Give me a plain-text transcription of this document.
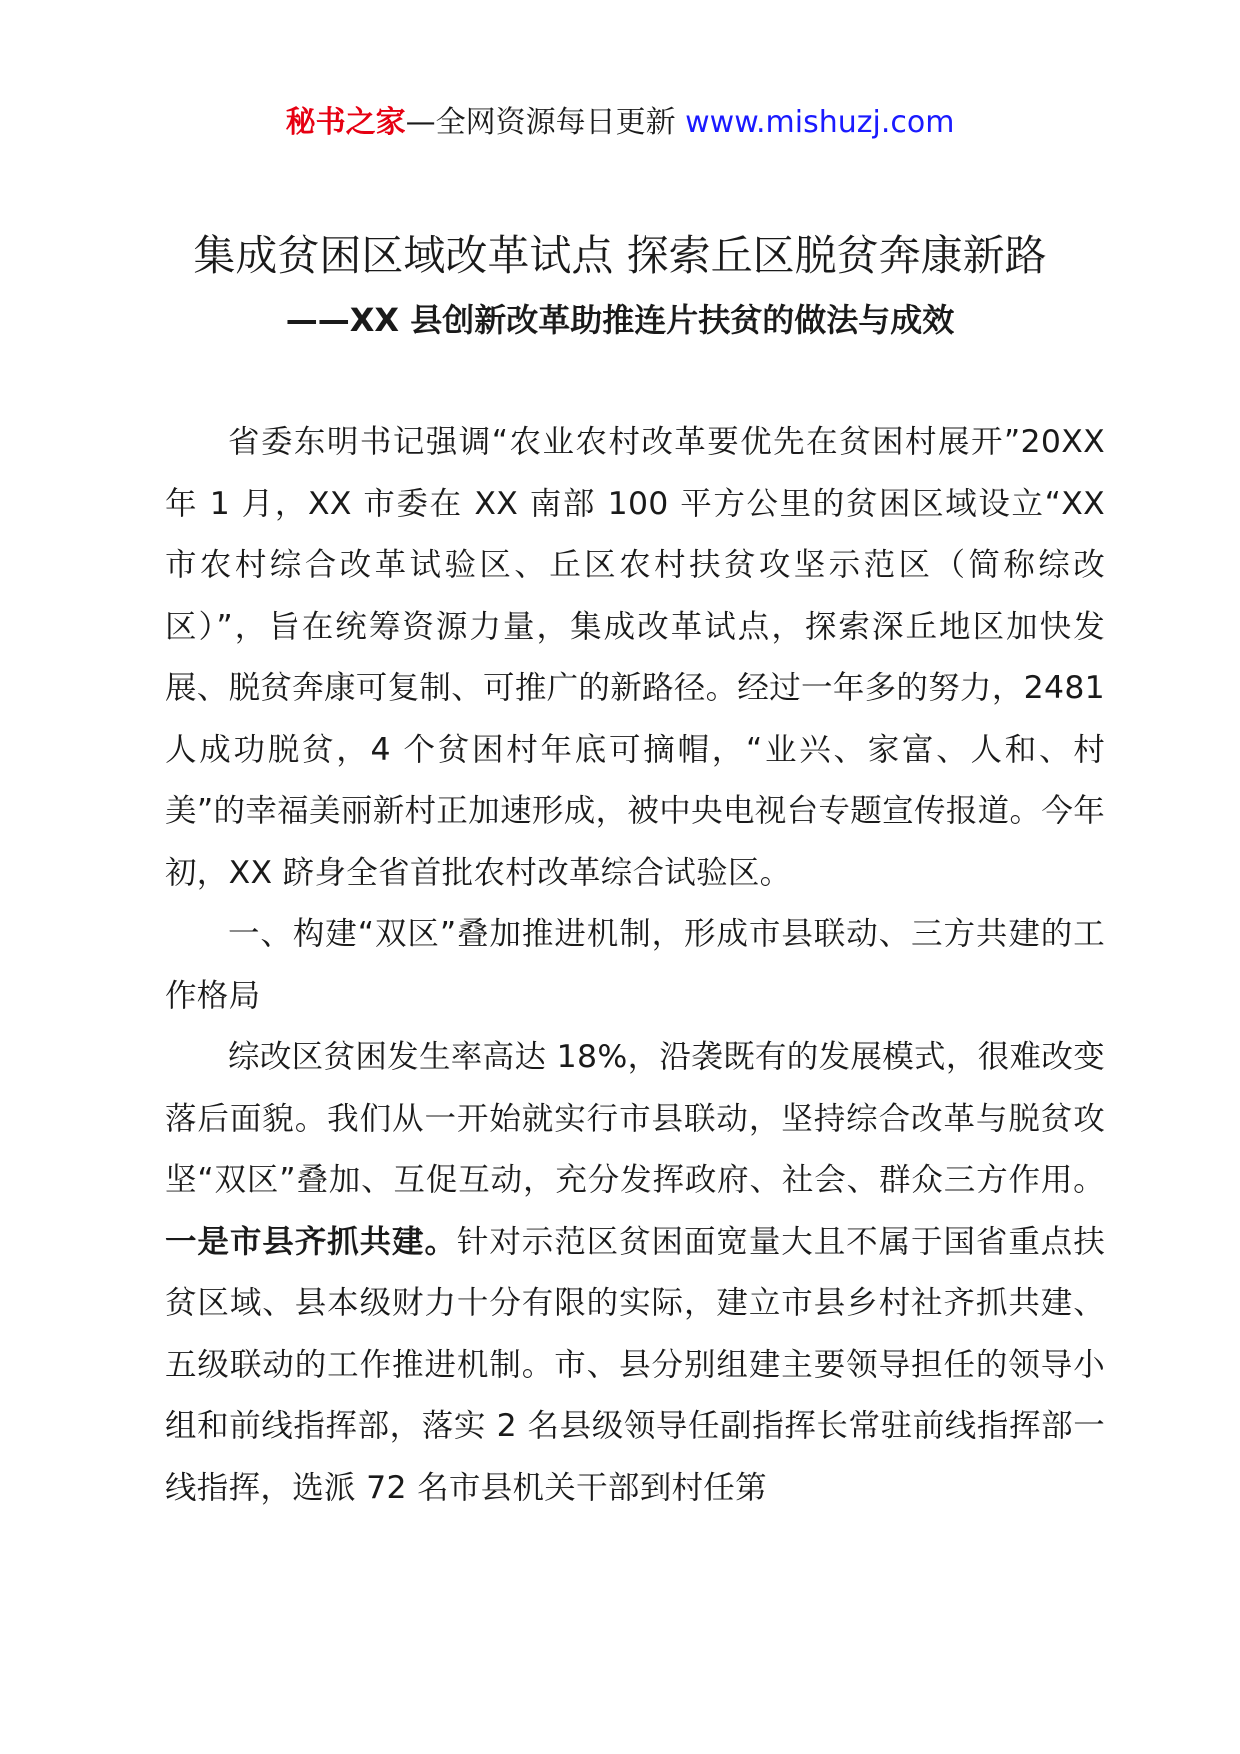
秘书之家—全网资源每日更新 www.mishuzj.com
集成贫困区域改革试点 探索丘区脱贫奔康新路
——XX 县创新改革助推连片扶贫的做法与成效

省委东明书记强调“农业农村改革要优先在贫困村展开”20XX 年 1 月，XX 市委在 XX 南部 100 平方公里的贫困区域设立“XX 市农村综合改革试验区、丘区农村扶贫攻坚示范区（简称综改区）”，旨在统筹资源力量，集成改革试点，探索深丘地区加快发展、脱贫奔康可复制、可推广的新路径。经过一年多的努力，2481 人成功脱贫，4 个贫困村年底可摘帽，“业兴、家富、人和、村美”的幸福美丽新村正加速形成，被中央电视台专题宣传报道。今年初，XX 跻身全省首批农村改革综合试验区。

一、构建“双区”叠加推进机制，形成市县联动、三方共建的工作格局

综改区贫困发生率高达 18%，沿袭既有的发展模式，很难改变落后面貌。我们从一开始就实行市县联动，坚持综合改革与脱贫攻坚“双区”叠加、互促互动，充分发挥政府、社会、群众三方作用。一是市县齐抓共建。针对示范区贫困面宽量大且不属于国省重点扶贫区域、县本级财力十分有限的实际，建立市县乡村社齐抓共建、五级联动的工作推进机制。市、县分别组建主要领导担任的领导小组和前线指挥部，落实 2 名县级领导任副指挥长常驻前线指挥部一线指挥，选派 72 名市县机关干部到村任第
